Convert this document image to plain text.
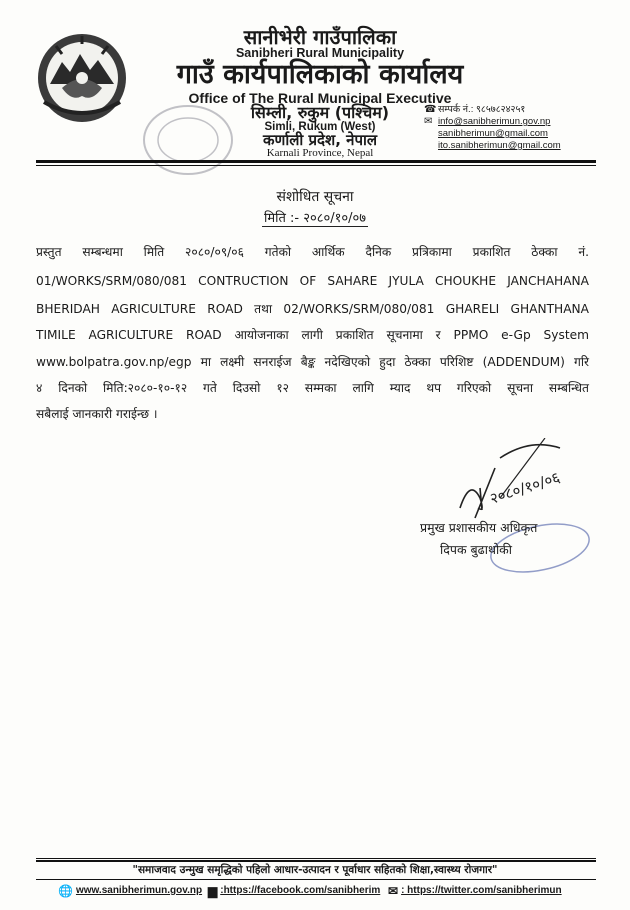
सानीभेरी गाउँपालिका
Sanibheri Rural Municipality
गाउँ कार्यपालिकाको कार्यालय
Office of The Rural Municipal Executive
सिम्ली, रुकुम (पश्चिम)
Simli, Rukum (West)
कर्णाली प्रदेश, नेपाल
Karnali Province, Nepal
☎ सम्पर्क नं.: ९८५७८२४२५१
✉ info@sanibherimun.gov.np
sanibherimun@gmail.com
ito.sanibherimun@gmail.com
संशोधित सूचना
मिति :- २०८०/१०/०७
प्रस्तुत सम्बन्धमा मिति २०८०/०९/०६ गतेको आर्थिक दैनिक प्रत्रिकामा प्रकाशित ठेक्का नं.
01/WORKS/SRM/080/081 CONTRUCTION OF SAHARE JYULA CHOUKHE JANCHAHANA
BHERIDAH AGRICULTURE ROAD तथा 02/WORKS/SRM/080/081 GHARELI GHANTHANA
TIMILE AGRICULTURE ROAD आयोजनाका लागी प्रकाशित सूचनामा र PPMO e-Gp System
www.bolpatra.gov.np/egp मा लक्ष्मी सनराईज बैङ्क नदेखिएको हुदा ठेक्का परिशिष्ट (ADDENDUM) गरि
४ दिनको मिति:२०८०-१०-१२ गते दिउसो १२ सम्मका लागि म्याद थप गरिएको सूचना सम्बन्धित
सबैलाई जानकारी गराईन्छ ।
२०८०/१०/०६
प्रमुख प्रशासकीय अधिकृत
दिपक बुढाथोकी
"समाजवाद उन्मुख समृद्धिको पहिलो आधार-उत्पादन र पूर्वाधार सहितको शिक्षा,स्वास्थ्य रोजगार"
🌐 www.sanibherimun.gov.np ▆ :https://facebook.com/sanibherim ✉ : https://twitter.com/sanibherimun
